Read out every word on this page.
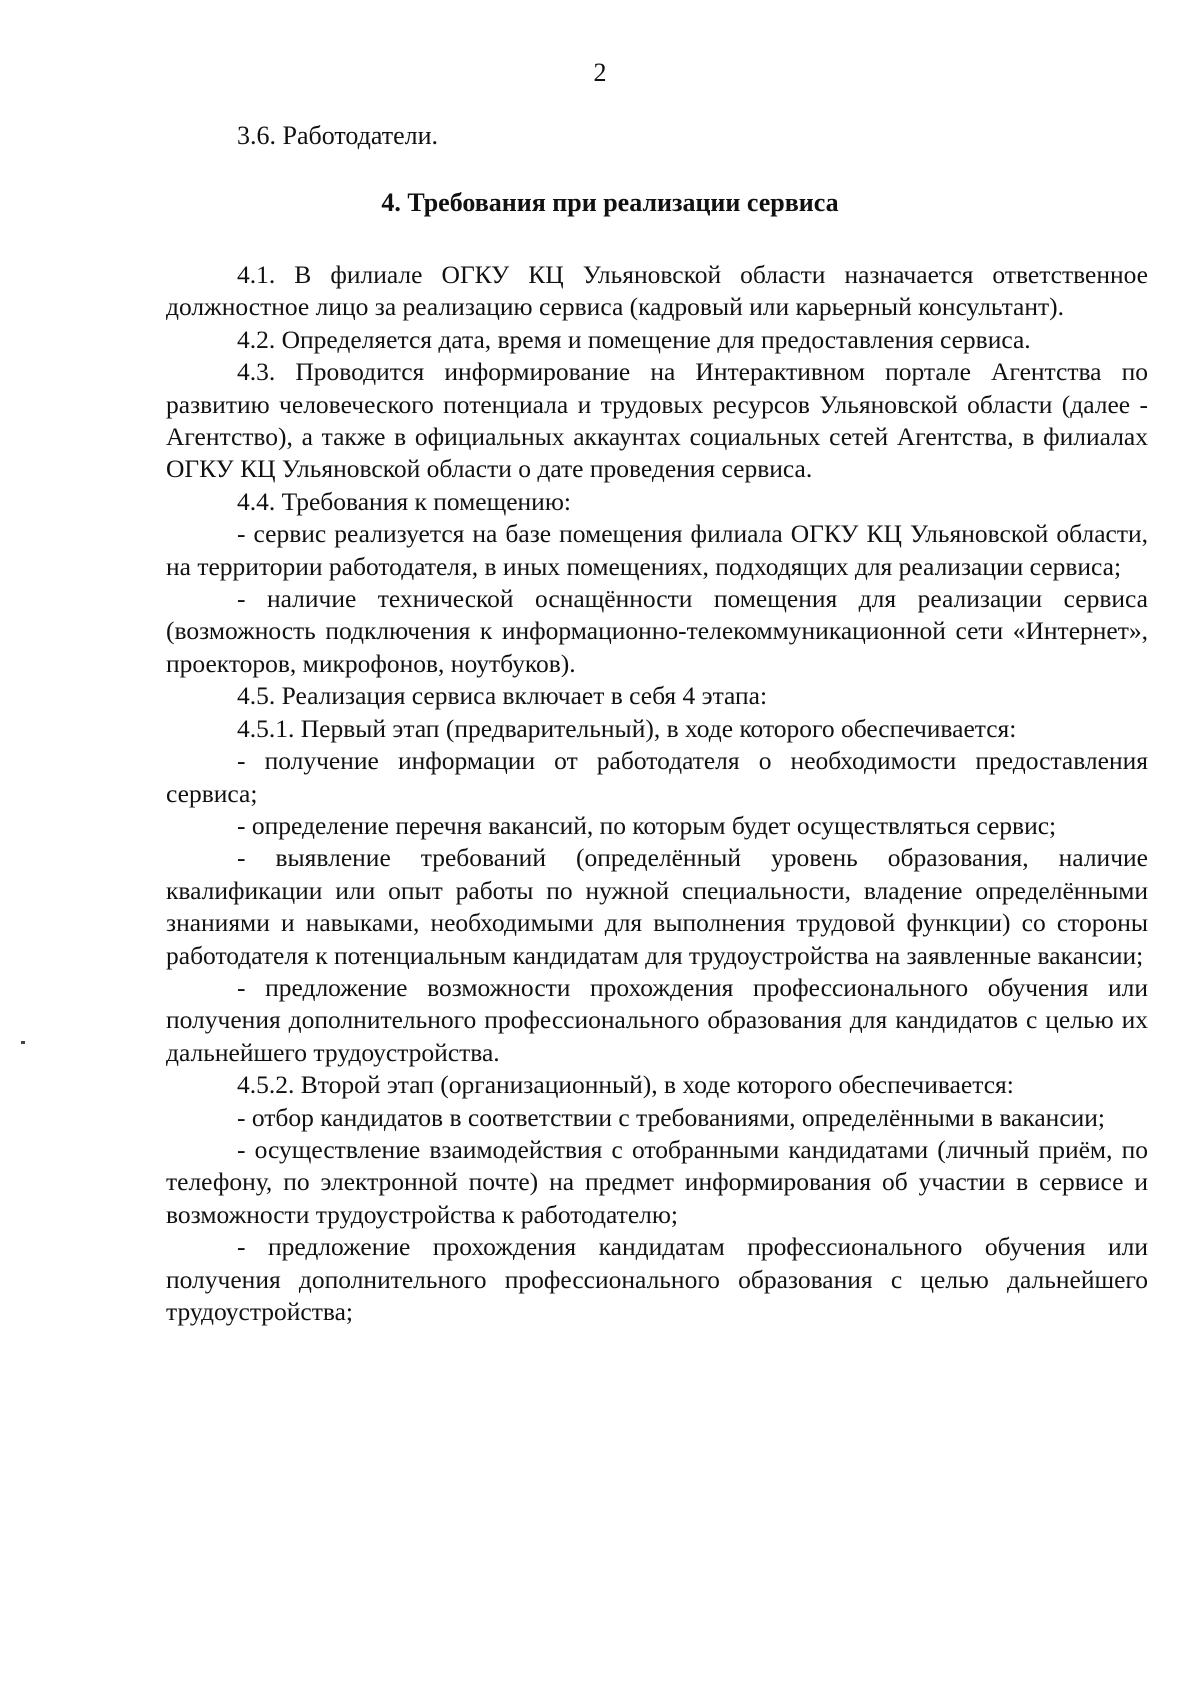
2
3.6. Работодатели.
4. Требования при реализации сервиса

4.1. В филиале ОГКУ КЦ Ульяновской области назначается ответственное должностное лицо за реализацию сервиса (кадровый или карьерный консультант).

4.2. Определяется дата, время и помещение для предоставления сервиса.

4.3. Проводится информирование на Интерактивном портале Агентства по развитию человеческого потенциала и трудовых ресурсов Ульяновской области (далее - Агентство), а также в официальных аккаунтах социальных сетей Агентства, в филиалах ОГКУ КЦ Ульяновской области о дате проведения сервиса.

4.4. Требования к помещению:

- сервис реализуется на базе помещения филиала ОГКУ КЦ Ульяновской области, на территории работодателя, в иных помещениях, подходящих для реализации сервиса;

- наличие технической оснащённости помещения для реализации сервиса (возможность подключения к информационно-телекоммуникационной сети «Интернет», проекторов, микрофонов, ноутбуков).

4.5. Реализация сервиса включает в себя 4 этапа:

4.5.1. Первый этап (предварительный), в ходе которого обеспечивается:

- получение информации от работодателя о необходимости предоставления сервиса;

- определение перечня вакансий, по которым будет осуществляться сервис;

- выявление требований (определённый уровень образования, наличие квалификации или опыт работы по нужной специальности, владение определёнными знаниями и навыками, необходимыми для выполнения трудовой функции) со стороны работодателя к потенциальным кандидатам для трудоустройства на заявленные вакансии;

- предложение возможности прохождения профессионального обучения или получения дополнительного профессионального образования для кандидатов с целью их дальнейшего трудоустройства.

4.5.2. Второй этап (организационный), в ходе которого обеспечивается:

- отбор кандидатов в соответствии с требованиями, определёнными в вакансии;

- осуществление взаимодействия с отобранными кандидатами (личный приём, по телефону, по электронной почте) на предмет информирования об участии в сервисе и возможности трудоустройства к работодателю;

- предложение прохождения кандидатам профессионального обучения или получения дополнительного профессионального образования с целью дальнейшего трудоустройства;
